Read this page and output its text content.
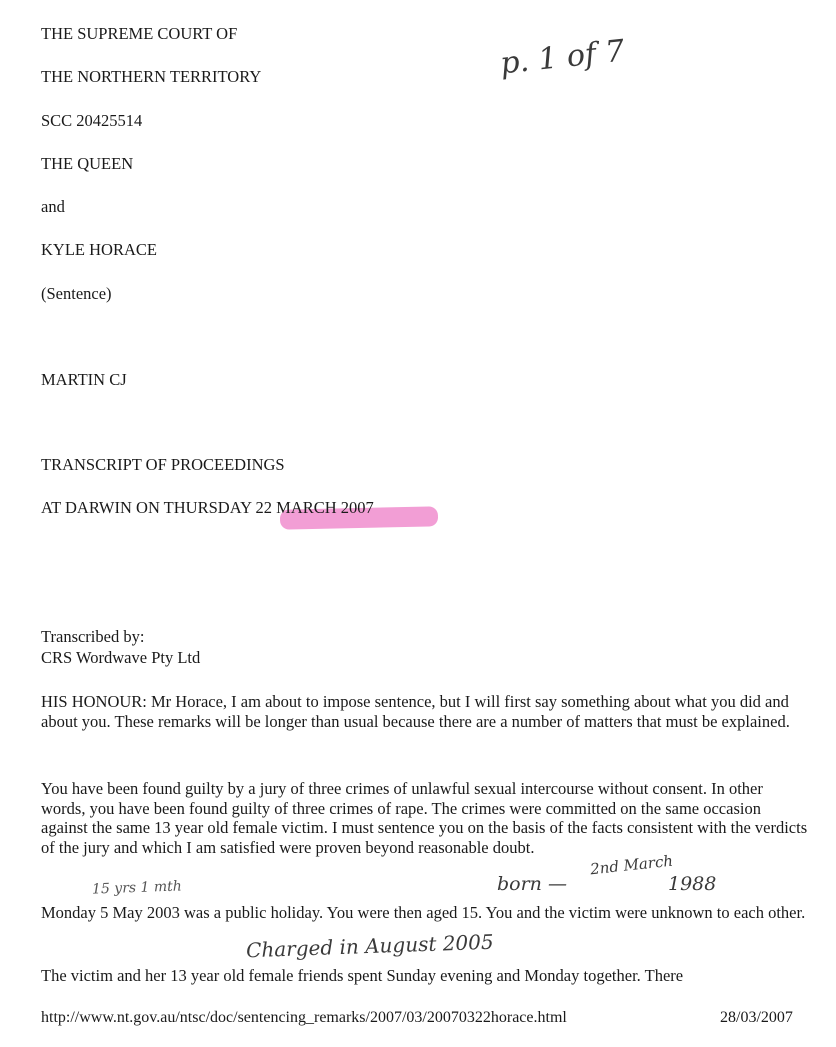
THE SUPREME COURT OF
THE NORTHERN TERRITORY
SCC 20425514
THE QUEEN
and
KYLE HORACE
(Sentence)
MARTIN CJ
TRANSCRIPT OF PROCEEDINGS
AT DARWIN ON THURSDAY 22 MARCH 2007
Transcribed by:
CRS Wordwave Pty Ltd
HIS HONOUR: Mr Horace, I am about to impose sentence, but I will first say something about what you did and about you. These remarks will be longer than usual because there are a number of matters that must be explained.
You have been found guilty by a jury of three crimes of unlawful sexual intercourse without consent. In other words, you have been found guilty of three crimes of rape. The crimes were committed on the same occasion against the same 13 year old female victim. I must sentence you on the basis of the facts consistent with the verdicts of the jury and which I am satisfied were proven beyond reasonable doubt.
Monday 5 May 2003 was a public holiday. You were then aged 15. You and the victim were unknown to each other.
The victim and her 13 year old female friends spent Sunday evening and Monday together. There
p. 1 of 7
15 yrs 1 mth	born —
2nd March
1988
Charged in August 2005
http://www.nt.gov.au/ntsc/doc/sentencing_remarks/2007/03/20070322horace.html	28/03/2007
